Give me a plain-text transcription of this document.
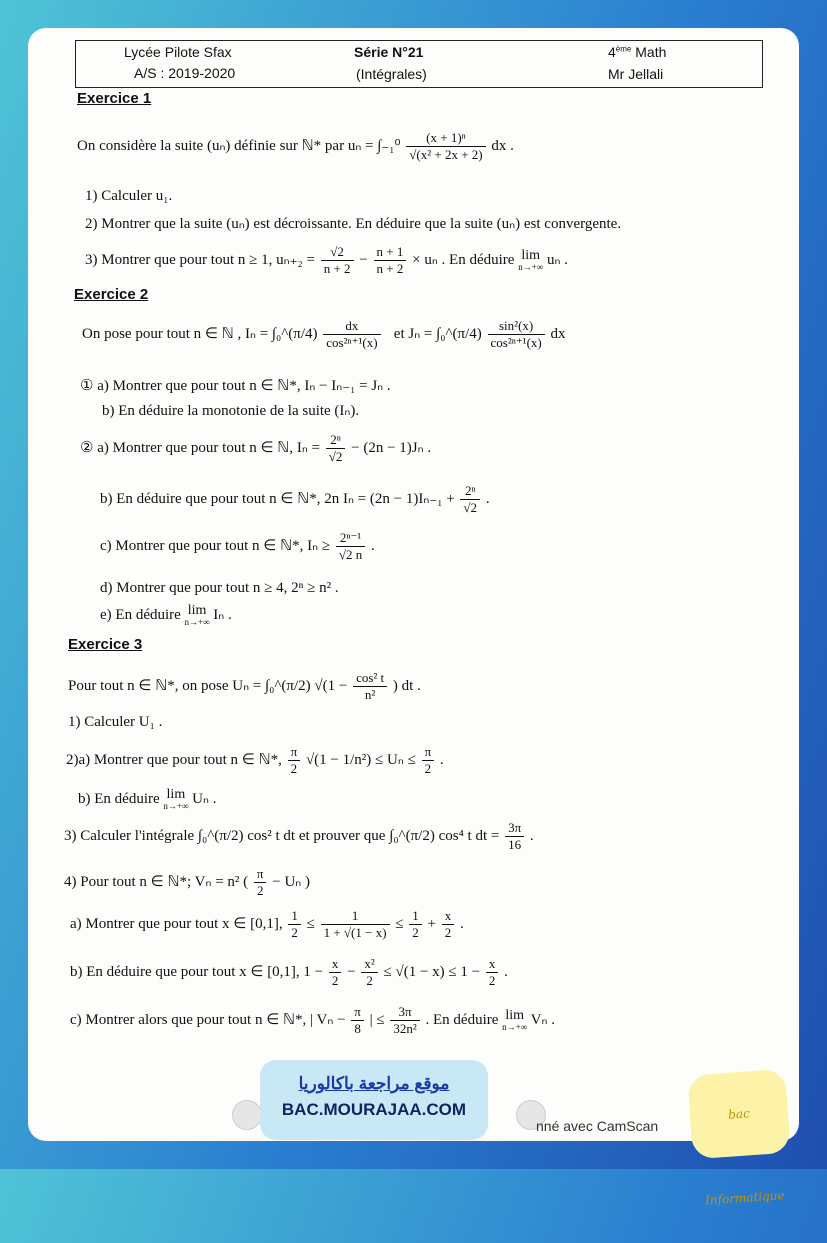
Lycée Pilote Sfax
A/S : 2019-2020
Série N°21
(Intégrales)
4ème Math
Mr Jellali
Exercice 1
On considère la suite (uₙ) définie sur ℕ* par $u_n = \int_{-1}^0 \frac{\text{(x + 1)ⁿ}}{\text{√(x² + 2x + 2)}}$ dx .
1) Calculer u₁.
2) Montrer que la suite (uₙ) est décroissante. En déduire que la suite (uₙ) est convergente.
3) Montrer que pour tout n ≥ 1, $u_{n+2} = \frac{√2}{n + 2} - \frac{n + 1}{n + 2} \times u_n$ . En déduire lim
n→+∞ uₙ .
Exercice 2
On pose pour tout n ∈ ℕ , Iₙ = ∫₀^(π/4) $\frac{dx}{\text{cos²ⁿ⁺¹(x)}}$ et Jₙ = ∫₀^(π/4) $\frac{\text{sin²(x)}}{\text{cos²ⁿ⁺¹(x)}}$ dx
① a) Montrer que pour tout n ∈ ℕ*, Iₙ − Iₙ₋₁ = Jₙ .
b) En déduire la monotonie de la suite (Iₙ).
② a) Montrer que pour tout n ∈ ℕ, $I_n = \frac{\text{2ⁿ}}{√2} - (2n - 1)J_n$ .
b) En déduire que pour tout n ∈ ℕ*, 2n $I_n = (2n - 1)I_{n-1} + \frac{\text{2ⁿ}}{√2}$ .
c) Montrer que pour tout n ∈ ℕ*, $I_n \ge \frac{\text{2ⁿ⁻¹}}{√2 n}$ .
d) Montrer que pour tout n ≥ 4, 2ⁿ ≥ n² .
e) En déduire lim
n→+∞ Iₙ .
Exercice 3
Pour tout n ∈ ℕ*, on pose Uₙ = ∫₀^(π/2) $√(1 - \frac{\text{cos² t}}{\text{n²}}$ ) dt .
1) Calculer U₁ .
2)a) Montrer que pour tout n ∈ ℕ*, $\frac{\pi}{2} √(1 - 1/n^2) \le U_n \le \frac{\pi}{2}$ .
b) En déduire lim
n→+∞ Uₙ .
3) Calculer l'intégrale ∫₀^(π/2) cos² t dt et prouver que ∫₀^(π/2) cos⁴ t dt = $\frac{3\pi}{16}$ .
4) Pour tout n ∈ ℕ*; Vₙ = n² ( $\frac{\pi}{2} - U_n$ )
a) Montrer que pour tout x ∈ [0,1], $\frac{1}{2} \le \frac{1}{1 + √(1 - x)} \le \frac{1}{2} + \frac{x}{2}$ .
b) En déduire que pour tout x ∈ [0,1], $1 - \frac{x}{2} - \frac{\text{x²}}{2} \le √(1 - x) \le 1 - \frac{x}{2}$ .
c) Montrer alors que pour tout n ∈ ℕ*, | $V_n - \frac{\pi}{8}$ | ≤ $\frac{3\pi}{\text{32n²}}$ . En déduire lim
n→+∞ Vₙ .
موقع مراجعة باكالوريا
BAC.MOURAJAA.COM
nné avec CamScan
bac Informatique
